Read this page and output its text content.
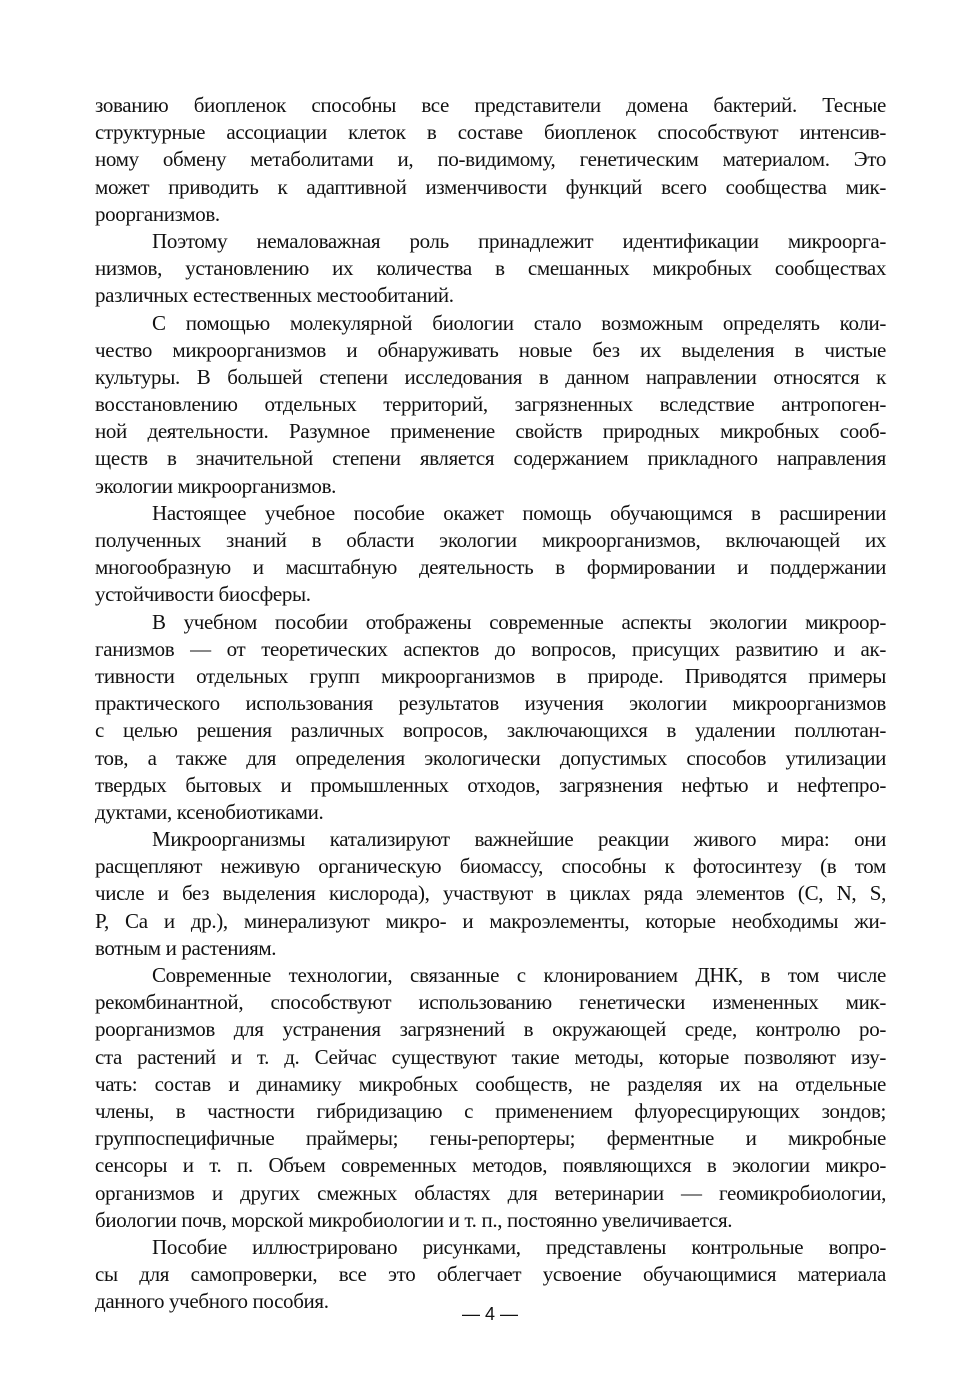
зованию биопленок способны все представители домена бактерий. Тесные
структурные ассоциации клеток в составе биопленок способствуют интенсив-
ному обмену метаболитами и, по-видимому, генетическим материалом. Это
может приводить к адаптивной изменчивости функций всего сообщества мик-
роорганизмов.
Поэтому немаловажная роль принадлежит идентификации микроорга-
низмов, установлению их количества в смешанных микробных сообществах
различных естественных местообитаний.
С помощью молекулярной биологии стало возможным определять коли-
чество микроорганизмов и обнаруживать новые без их выделения в чистые
культуры. В большей степени исследования в данном направлении относятся к
восстановлению отдельных территорий, загрязненных вследствие антропоген-
ной деятельности. Разумное применение свойств природных микробных сооб-
ществ в значительной степени является содержанием прикладного направления
экологии микроорганизмов.
Настоящее учебное пособие окажет помощь обучающимся в расширении
полученных знаний в области экологии микроорганизмов, включающей их
многообразную и масштабную деятельность в формировании и поддержании
устойчивости биосферы.
В учебном пособии отображены современные аспекты экологии микроор-
ганизмов — от теоретических аспектов до вопросов, присущих развитию и ак-
тивности отдельных групп микроорганизмов в природе. Приводятся примеры
практического использования результатов изучения экологии микроорганизмов
с целью решения различных вопросов, заключающихся в удалении поллютан-
тов, а также для определения экологически допустимых способов утилизации
твердых бытовых и промышленных отходов, загрязнения нефтью и нефтепро-
дуктами, ксенобиотиками.
Микроорганизмы катализируют важнейшие реакции живого мира: они
расщепляют неживую органическую биомассу, способны к фотосинтезу (в том
числе и без выделения кислорода), участвуют в циклах ряда элементов (C, N, S,
P, Ca и др.), минерализуют микро- и макроэлементы, которые необходимы жи-
вотным и растениям.
Современные технологии, связанные с клонированием ДНК, в том числе
рекомбинантной, способствуют использованию генетически измененных мик-
роорганизмов для устранения загрязнений в окружающей среде, контролю ро-
ста растений и т. д. Сейчас существуют такие методы, которые позволяют изу-
чать: состав и динамику микробных сообществ, не разделяя их на отдельные
члены, в частности гибридизацию с применением флуоресцирующих зондов;
группоспецифичные праймеры; гены-репортеры; ферментные и микробные
сенсоры и т. п. Объем современных методов, появляющихся в экологии микро-
организмов и других смежных областях для ветеринарии — геомикробиологии,
биологии почв, морской микробиологии и т. п., постоянно увеличивается.
Пособие иллюстрировано рисунками, представлены контрольные вопро-
сы для самопроверки, все это облегчает усвоение обучающимися материала
данного учебного пособия.
— 4 —
